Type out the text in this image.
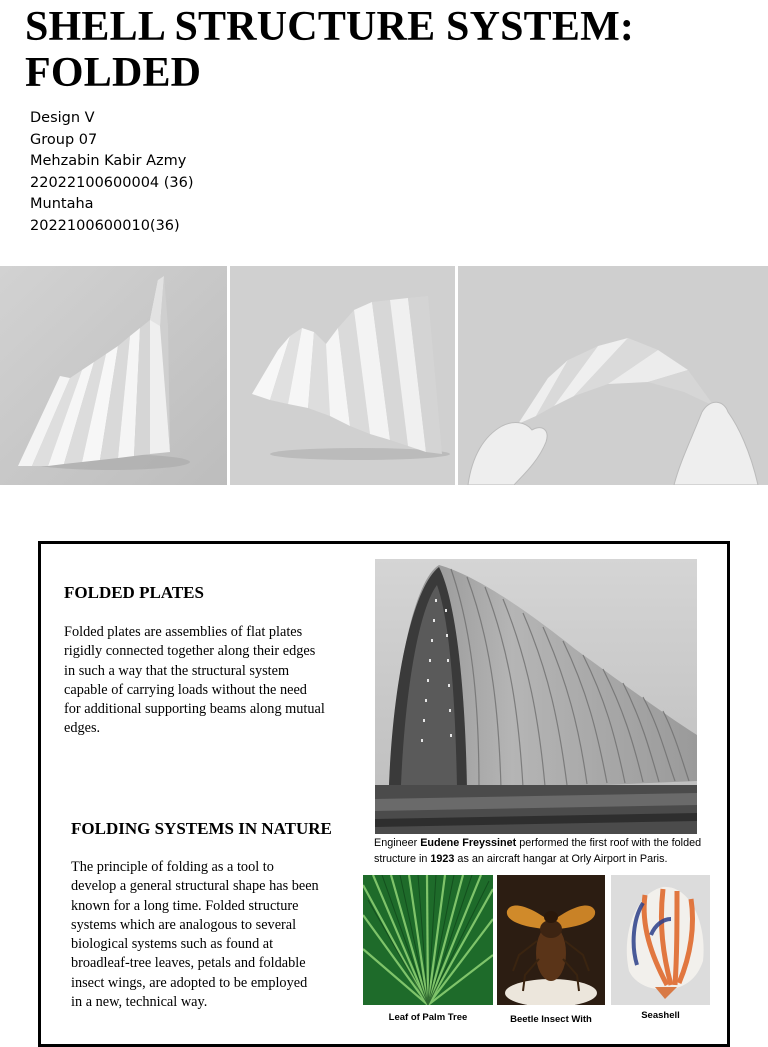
SHELL STRUCTURE SYSTEM:
FOLDED
Design V
Group 07
Mehzabin Kabir Azmy
22022100600004 (36)
Muntaha
2022100600010(36)
FOLDED PLATES
Folded plates are assemblies of flat plates
rigidly connected together along their edges
in such a way that the structural system
capable of carrying loads without the need
for additional supporting beams along mutual
edges.
FOLDING SYSTEMS IN NATURE
The principle of folding as a tool to
develop a general structural shape has been
known for a long time. Folded structure
systems which are analogous to several
biological systems such as found at
broadleaf-tree leaves, petals and foldable
insect wings, are adopted to be employed
in a new, technical way.
Engineer Eudene Freyssinet performed the first roof with the folded structure in 1923 as an aircraft hangar at Orly Airport in Paris.
Leaf of Palm Tree	Beetle Insect With	Seashell
